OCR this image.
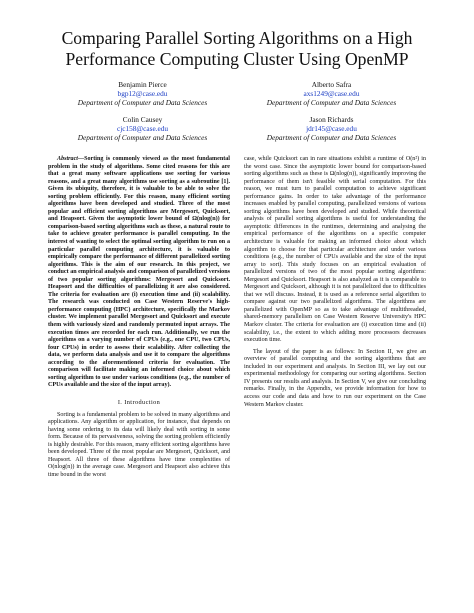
Comparing Parallel Sorting Algorithms on a High
Performance Computing Cluster Using OpenMP
Benjamin Pierce
bgp12@case.edu
Department of Computer and Data Sciences
Alberto Safra
axs1249@case.edu
Department of Computer and Data Sciences
Colin Causey
cjc158@case.edu
Department of Computer and Data Sciences
Jason Richards
jdr145@case.edu
Department of Computer and Data Sciences

Abstract—Sorting is commonly viewed as the most fundamental problem in the study of algorithms. Some cited reasons for this are that a great many software applications use sorting for various reasons, and a great many algorithms use sorting as a subroutine [1]. Given its ubiquity, therefore, it is valuable to be able to solve the sorting problem efficiently. For this reason, many efficient sorting algorithms have been developed and studied. Three of the most popular and efficient sorting algorithms are Mergesort, Quicksort, and Heapsort. Given the asymptotic lower bound of Ω(nlog(n)) for comparison-based sorting algorithms such as these, a natural route to take to achieve greater performance is parallel computing. In the interest of wanting to select the optimal sorting algorithm to run on a particular parallel computing architecture, it is valuable to empirically compare the performance of different parallelized sorting algorithms. This is the aim of our research. In this project, we conduct an empirical analysis and comparison of parallelized versions of two popular sorting algorithms: Mergesort and Quicksort. Heapsort and the difficulties of parallelizing it are also considered. The criteria for evaluation are (i) execution time and (ii) scalability. The research was conducted on Case Western Reserve's high-performance computing (HPC) architecture, specifically the Markov cluster. We implement parallel Mergesort and Quicksort and execute them with variously sized and randomly permuted input arrays. The execution times are recorded for each run. Additionally, we run the algorithms on a varying number of CPUs (e.g., one CPU, two CPUs, four CPUs) in order to assess their scalability. After collecting the data, we perform data analysis and use it to compare the algorithms according to the aforementioned criteria for evaluation. The comparison will facilitate making an informed choice about which sorting algorithm to use under various conditions (e.g., the number of CPUs available and the size of the input array).

I. Introduction

Sorting is a fundamental problem to be solved in many algorithms and applications. Any algorithm or application, for instance, that depends on having some ordering to its data will likely deal with sorting in some form. Because of its pervasiveness, solving the sorting problem efficiently is highly desirable. For this reason, many efficient sorting algorithms have been developed. Three of the most popular are Mergesort, Quicksort, and Heapsort. All three of these algorithms have time complexities of O(nlog(n)) in the average case. Mergesort and Heapsort also achieve this time bound in the worst

case, while Quicksort can in rare situations exhibit a runtime of O(n²) in the worst case. Since the asymptotic lower bound for comparison-based sorting algorithms such as these is Ω(nlog(n)), significantly improving the performance of them isn't feasible with serial computation. For this reason, we must turn to parallel computation to achieve significant performance gains. In order to take advantage of the performance increases enabled by parallel computing, parallelized versions of various sorting algorithms have been developed and studied. While theoretical analysis of parallel sorting algorithms is useful for understanding the asymptotic differences in the runtimes, determining and analysing the empirical performance of the algorithms on a specific computer architecture is valuable for making an informed choice about which algorithm to choose for that particular architecture and under various conditions (e.g., the number of CPUs available and the size of the input array to sort). This study focuses on an empirical evaluation of parallelized versions of two of the most popular sorting algorithms: Mergesort and Quicksort. Heapsort is also analyzed as it is comparable to Mergesort and Quicksort, although it is not parallelized due to difficulties that we will discuss. Instead, it is used as a reference serial algorithm to compare against our two parallelized algorithms. The algorithms are parallelized with OpenMP so as to take advantage of multithreaded, shared-memory parallelism on Case Western Reserve University's HPC Markov cluster. The criteria for evaluation are (i) execution time and (ii) scalability, i.e., the extent to which adding more processors decreases execution time.

The layout of the paper is as follows: In Section II, we give an overview of parallel computing and the sorting algorithms that are included in our experiment and analysis. In Section III, we lay out our experimental methodology for comparing our sorting algorithms. Section IV presents our results and analysis. In Section V, we give our concluding remarks. Finally, in the Appendix, we provide information for how to access our code and data and how to run our experiment on the Case Western Markov cluster.
